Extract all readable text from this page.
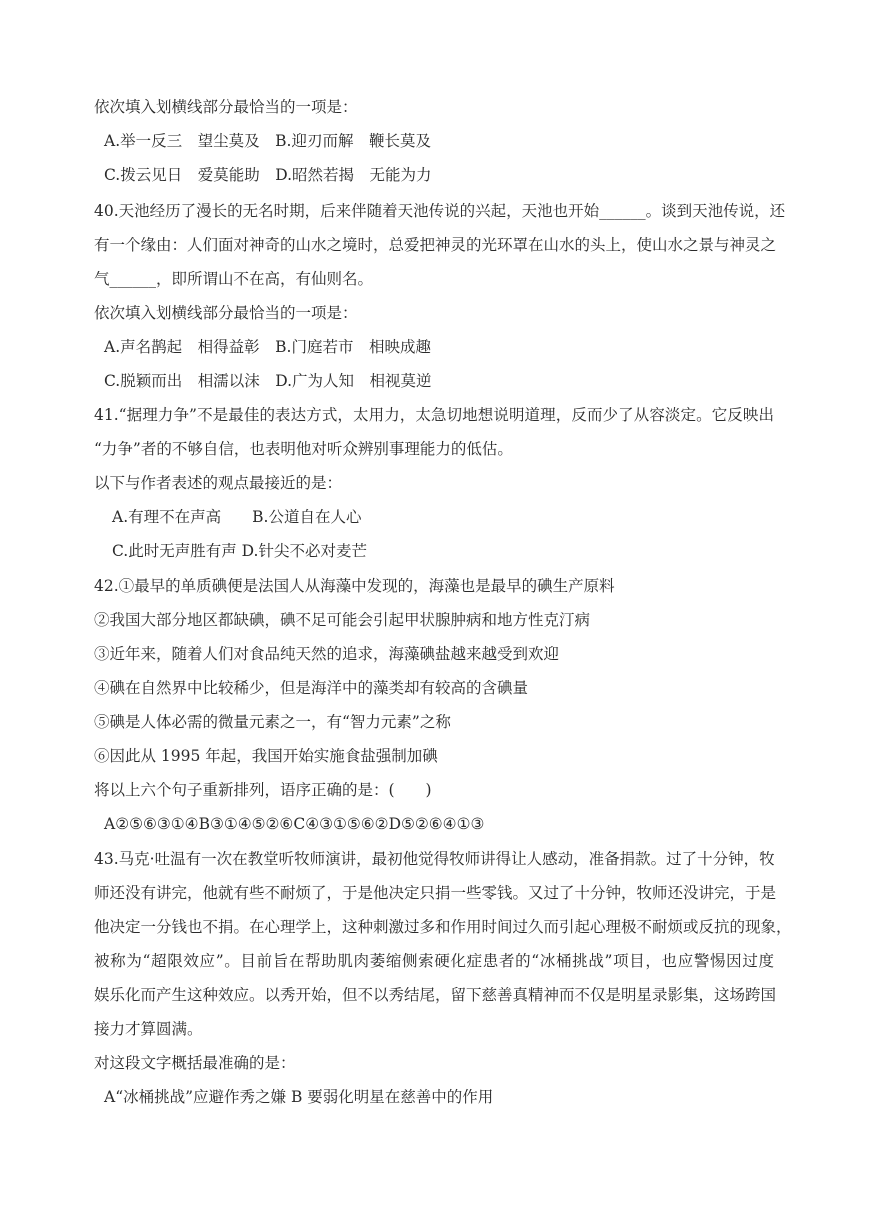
依次填入划横线部分最恰当的一项是：
A.举一反三　望尘莫及　B.迎刃而解　鞭长莫及
C.拨云见日　爱莫能助　D.昭然若揭　无能为力
40.天池经历了漫长的无名时期，后来伴随着天池传说的兴起，天池也开始______。谈到天池传说，还
有一个缘由：人们面对神奇的山水之境时，总爱把神灵的光环罩在山水的头上，使山水之景与神灵之
气______，即所谓山不在高，有仙则名。
依次填入划横线部分最恰当的一项是：
A.声名鹊起　相得益彰　B.门庭若市　相映成趣
C.脱颖而出　相濡以沫　D.广为人知　相视莫逆
41.“据理力争”不是最佳的表达方式，太用力，太急切地想说明道理，反而少了从容淡定。它反映出
“力争”者的不够自信，也表明他对听众辨别事理能力的低估。
以下与作者表述的观点最接近的是：
A.有理不在声高　　B.公道自在人心
C.此时无声胜有声 D.针尖不必对麦芒
42.①最早的单质碘便是法国人从海藻中发现的，海藻也是最早的碘生产原料
②我国大部分地区都缺碘，碘不足可能会引起甲状腺肿病和地方性克汀病
③近年来，随着人们对食品纯天然的追求，海藻碘盐越来越受到欢迎
④碘在自然界中比较稀少，但是海洋中的藻类却有较高的含碘量
⑤碘是人体必需的微量元素之一，有“智力元素”之称
⑥因此从 1995 年起，我国开始实施食盐强制加碘
将以上六个句子重新排列，语序正确的是：(　　)
A②⑤⑥③①④B③①④⑤②⑥C④③①⑤⑥②D⑤②⑥④①③
43.马克·吐温有一次在教堂听牧师演讲，最初他觉得牧师讲得让人感动，准备捐款。过了十分钟，牧
师还没有讲完，他就有些不耐烦了，于是他决定只捐一些零钱。又过了十分钟，牧师还没讲完，于是
他决定一分钱也不捐。在心理学上，这种刺激过多和作用时间过久而引起心理极不耐烦或反抗的现象，
被称为“超限效应”。目前旨在帮助肌肉萎缩侧索硬化症患者的“冰桶挑战”项目，也应警惕因过度
娱乐化而产生这种效应。以秀开始，但不以秀结尾，留下慈善真精神而不仅是明星录影集，这场跨国
接力才算圆满。
对这段文字概括最准确的是：
A“冰桶挑战”应避作秀之嫌 B 要弱化明星在慈善中的作用
